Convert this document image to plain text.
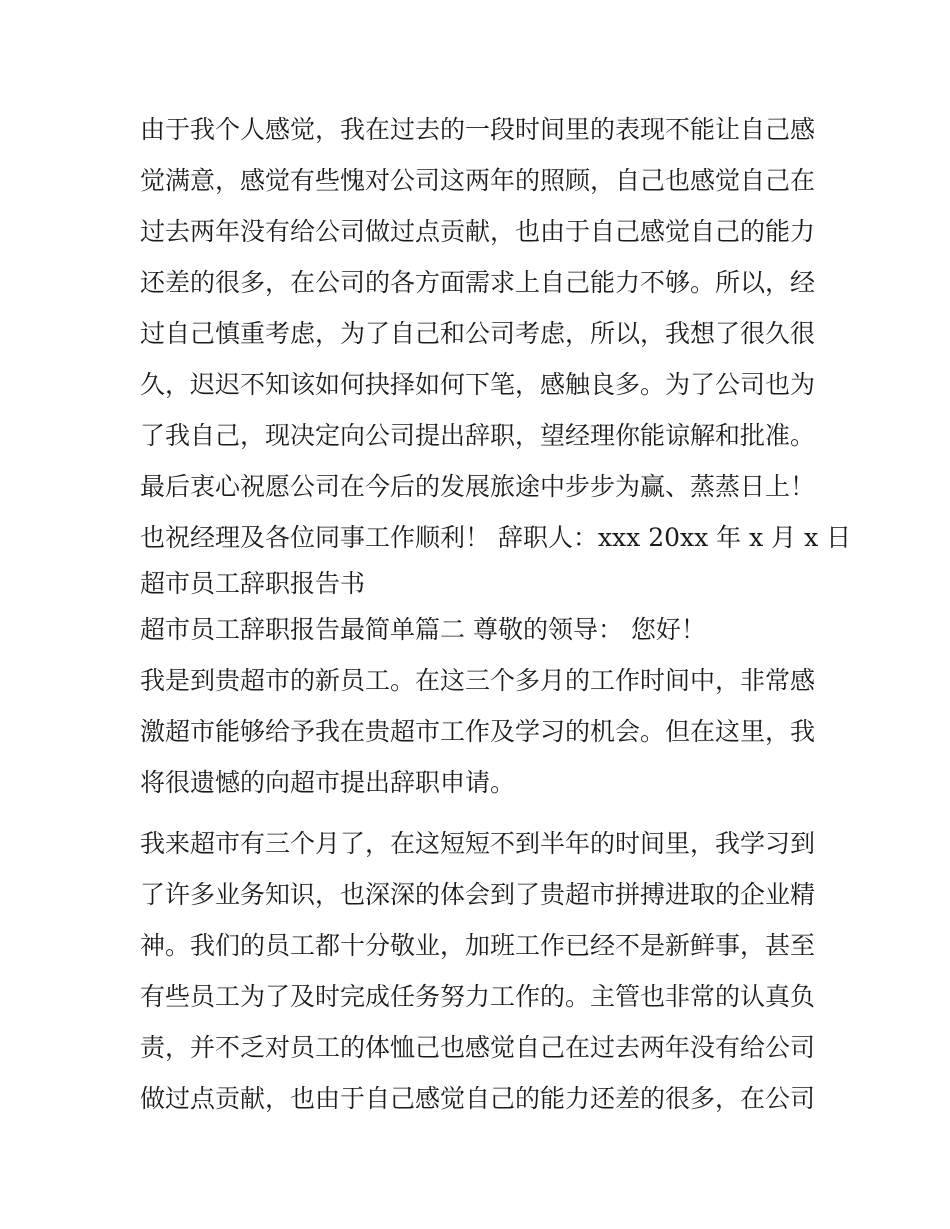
由于我个人感觉，我在过去的一段时间里的表现不能让自己感
觉满意，感觉有些愧对公司这两年的照顾，自己也感觉自己在
过去两年没有给公司做过点贡献，也由于自己感觉自己的能力
还差的很多，在公司的各方面需求上自己能力不够。所以，经
过自己慎重考虑，为了自己和公司考虑，所以，我想了很久很
久，迟迟不知该如何抉择如何下笔，感触良多。为了公司也为
了我自己，现决定向公司提出辞职，望经理你能谅解和批准。
最后衷心祝愿公司在今后的发展旅途中步步为赢、蒸蒸日上！
也祝经理及各位同事工作顺利！ 辞职人：xxx 20xx 年 x 月 x 日
超市员工辞职报告书
超市员工辞职报告最简单篇二 尊敬的领导： 您好！
我是到贵超市的新员工。在这三个多月的工作时间中，非常感
激超市能够给予我在贵超市工作及学习的机会。但在这里，我
将很遗憾的向超市提出辞职申请。
我来超市有三个月了，在这短短不到半年的时间里，我学习到
了许多业务知识，也深深的体会到了贵超市拼搏进取的企业精
神。我们的员工都十分敬业，加班工作已经不是新鲜事，甚至
有些员工为了及时完成任务努力工作的。主管也非常的认真负
责，并不乏对员工的体恤己也感觉自己在过去两年没有给公司
做过点贡献，也由于自己感觉自己的能力还差的很多，在公司
